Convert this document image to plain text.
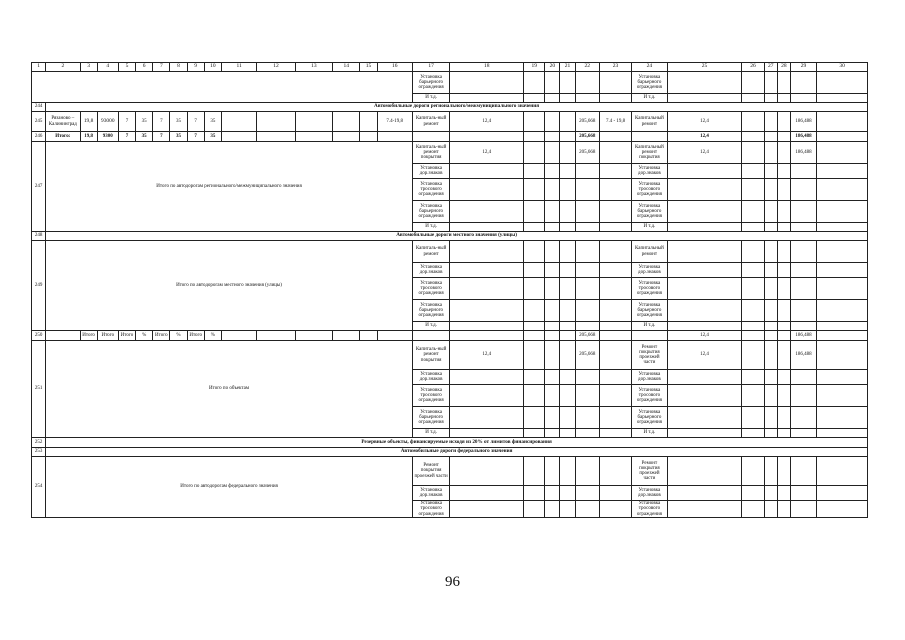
1	2	3	4	5	6	7	8	9	10	11	12	13	14	15	16	17	18	19	20	21	22	23	24	25	26	27	28	29	30
																Установка барьерного ограждения							Установка барьерного ограждения						
																И т.д.							И т.д.						
244	Автомобильные дороги регионального/межмуниципального значения																												
245	Рязаново – Калининград	19,8	93000	7	35	7	35	7	35						7.4-19,8	Капиталь-ный ремонт	12,4				205,668	7.4 - 19,8	Капитальный ремонт	12,4				186,488	
246	Итого:	19,8	9300	7	35	7	35	7	35												205,668			12,4				186,488	
247	Итого по автодорогам регионального/межмуниципального значения															Капиталь-ный ремонт покрытия	12,4				205,668		Капитальный ремонт покрытия	12,4				186,488	
																Установка дор.знаков							Установка дор.знаков						
																Установка тросового ограждения							Установка тросового ограждения						
																Установка барьерного ограждения							Установка барьерного ограждения						
																И т.д.							И т.д.						
248	Автомобильные дороги местного значения (улицы)																												
249	Итого по автодорогам местного значения (улицы)															Капиталь-ный ремонт							Капитальный ремонт						
																Установка дор.знаков							Установка дор.знаков						
																Установка тросового ограждения							Установка тросового ограждения						
																Установка барьерного ограждения							Установка барьерного ограждения						
																И т.д.							И т.д.						
250		Итого	Итого	Итого	%	Итого	%	Итого	%												205,668			12,4				186,488	
251	Итого по объектам															Капиталь-ный ремонт покрытия	12,4				205,668		Ремонт покрытия проезжей части	12,4				186,488	
																Установка дор.знаков							Установка дор.знаков						
																Установка тросового ограждения							Установка тросового ограждения						
																Установка барьерного ограждения							Установка барьерного ограждения						
																И т.д.							И т.д.						
252	Резервные объекты, финансируемые исходя из 20% от лимитов финансирования																												
253	Автомобильные дороги федерального значения																												
254	Итого по автодорогам федерального значения															Ремонт покрытия проезжей части							Ремонт покрытия проезжей части						
																Установка дор.знаков							Установка дор.знаков						
																Установка тросового ограждения							Установка тросового ограждения						
96
